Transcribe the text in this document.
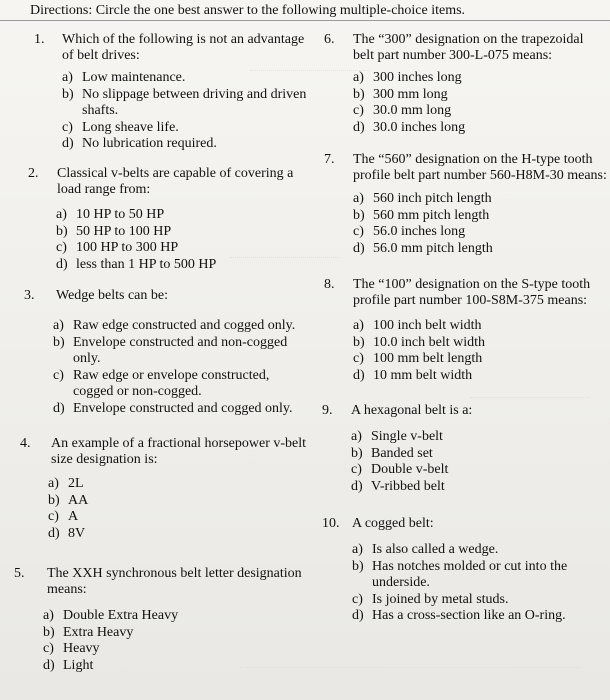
Directions: Circle the one best answer to the following multiple-choice items.
1. Which of the following is not an advantage of belt drives:
a) Low maintenance.
b) No slippage between driving and driven shafts.
c) Long sheave life.
d) No lubrication required.
2. Classical v-belts are capable of covering a load range from:
a) 10 HP to 50 HP
b) 50 HP to 100 HP
c) 100 HP to 300 HP
d) less than 1 HP to 500 HP
3. Wedge belts can be:
a) Raw edge constructed and cogged only.
b) Envelope constructed and non-cogged only.
c) Raw edge or envelope constructed, cogged or non-cogged.
d) Envelope constructed and cogged only.
4. An example of a fractional horsepower v-belt size designation is:
a) 2L
b) AA
c) A
d) 8V
5. The XXH synchronous belt letter designation means:
a) Double Extra Heavy
b) Extra Heavy
c) Heavy
d) Light
6. The “300” designation on the trapezoidal belt part number 300-L-075 means:
a) 300 inches long
b) 300 mm long
c) 30.0 mm long
d) 30.0 inches long
7. The “560” designation on the H-type tooth profile belt part number 560-H8M-30 means:
a) 560 inch pitch length
b) 560 mm pitch length
c) 56.0 inches long
d) 56.0 mm pitch length
8. The “100” designation on the S-type tooth profile part number 100-S8M-375 means:
a) 100 inch belt width
b) 10.0 inch belt width
c) 100 mm belt length
d) 10 mm belt width
9. A hexagonal belt is a:
a) Single v-belt
b) Banded set
c) Double v-belt
d) V-ribbed belt
10. A cogged belt:
a) Is also called a wedge.
b) Has notches molded or cut into the underside.
c) Is joined by metal studs.
d) Has a cross-section like an O-ring.
